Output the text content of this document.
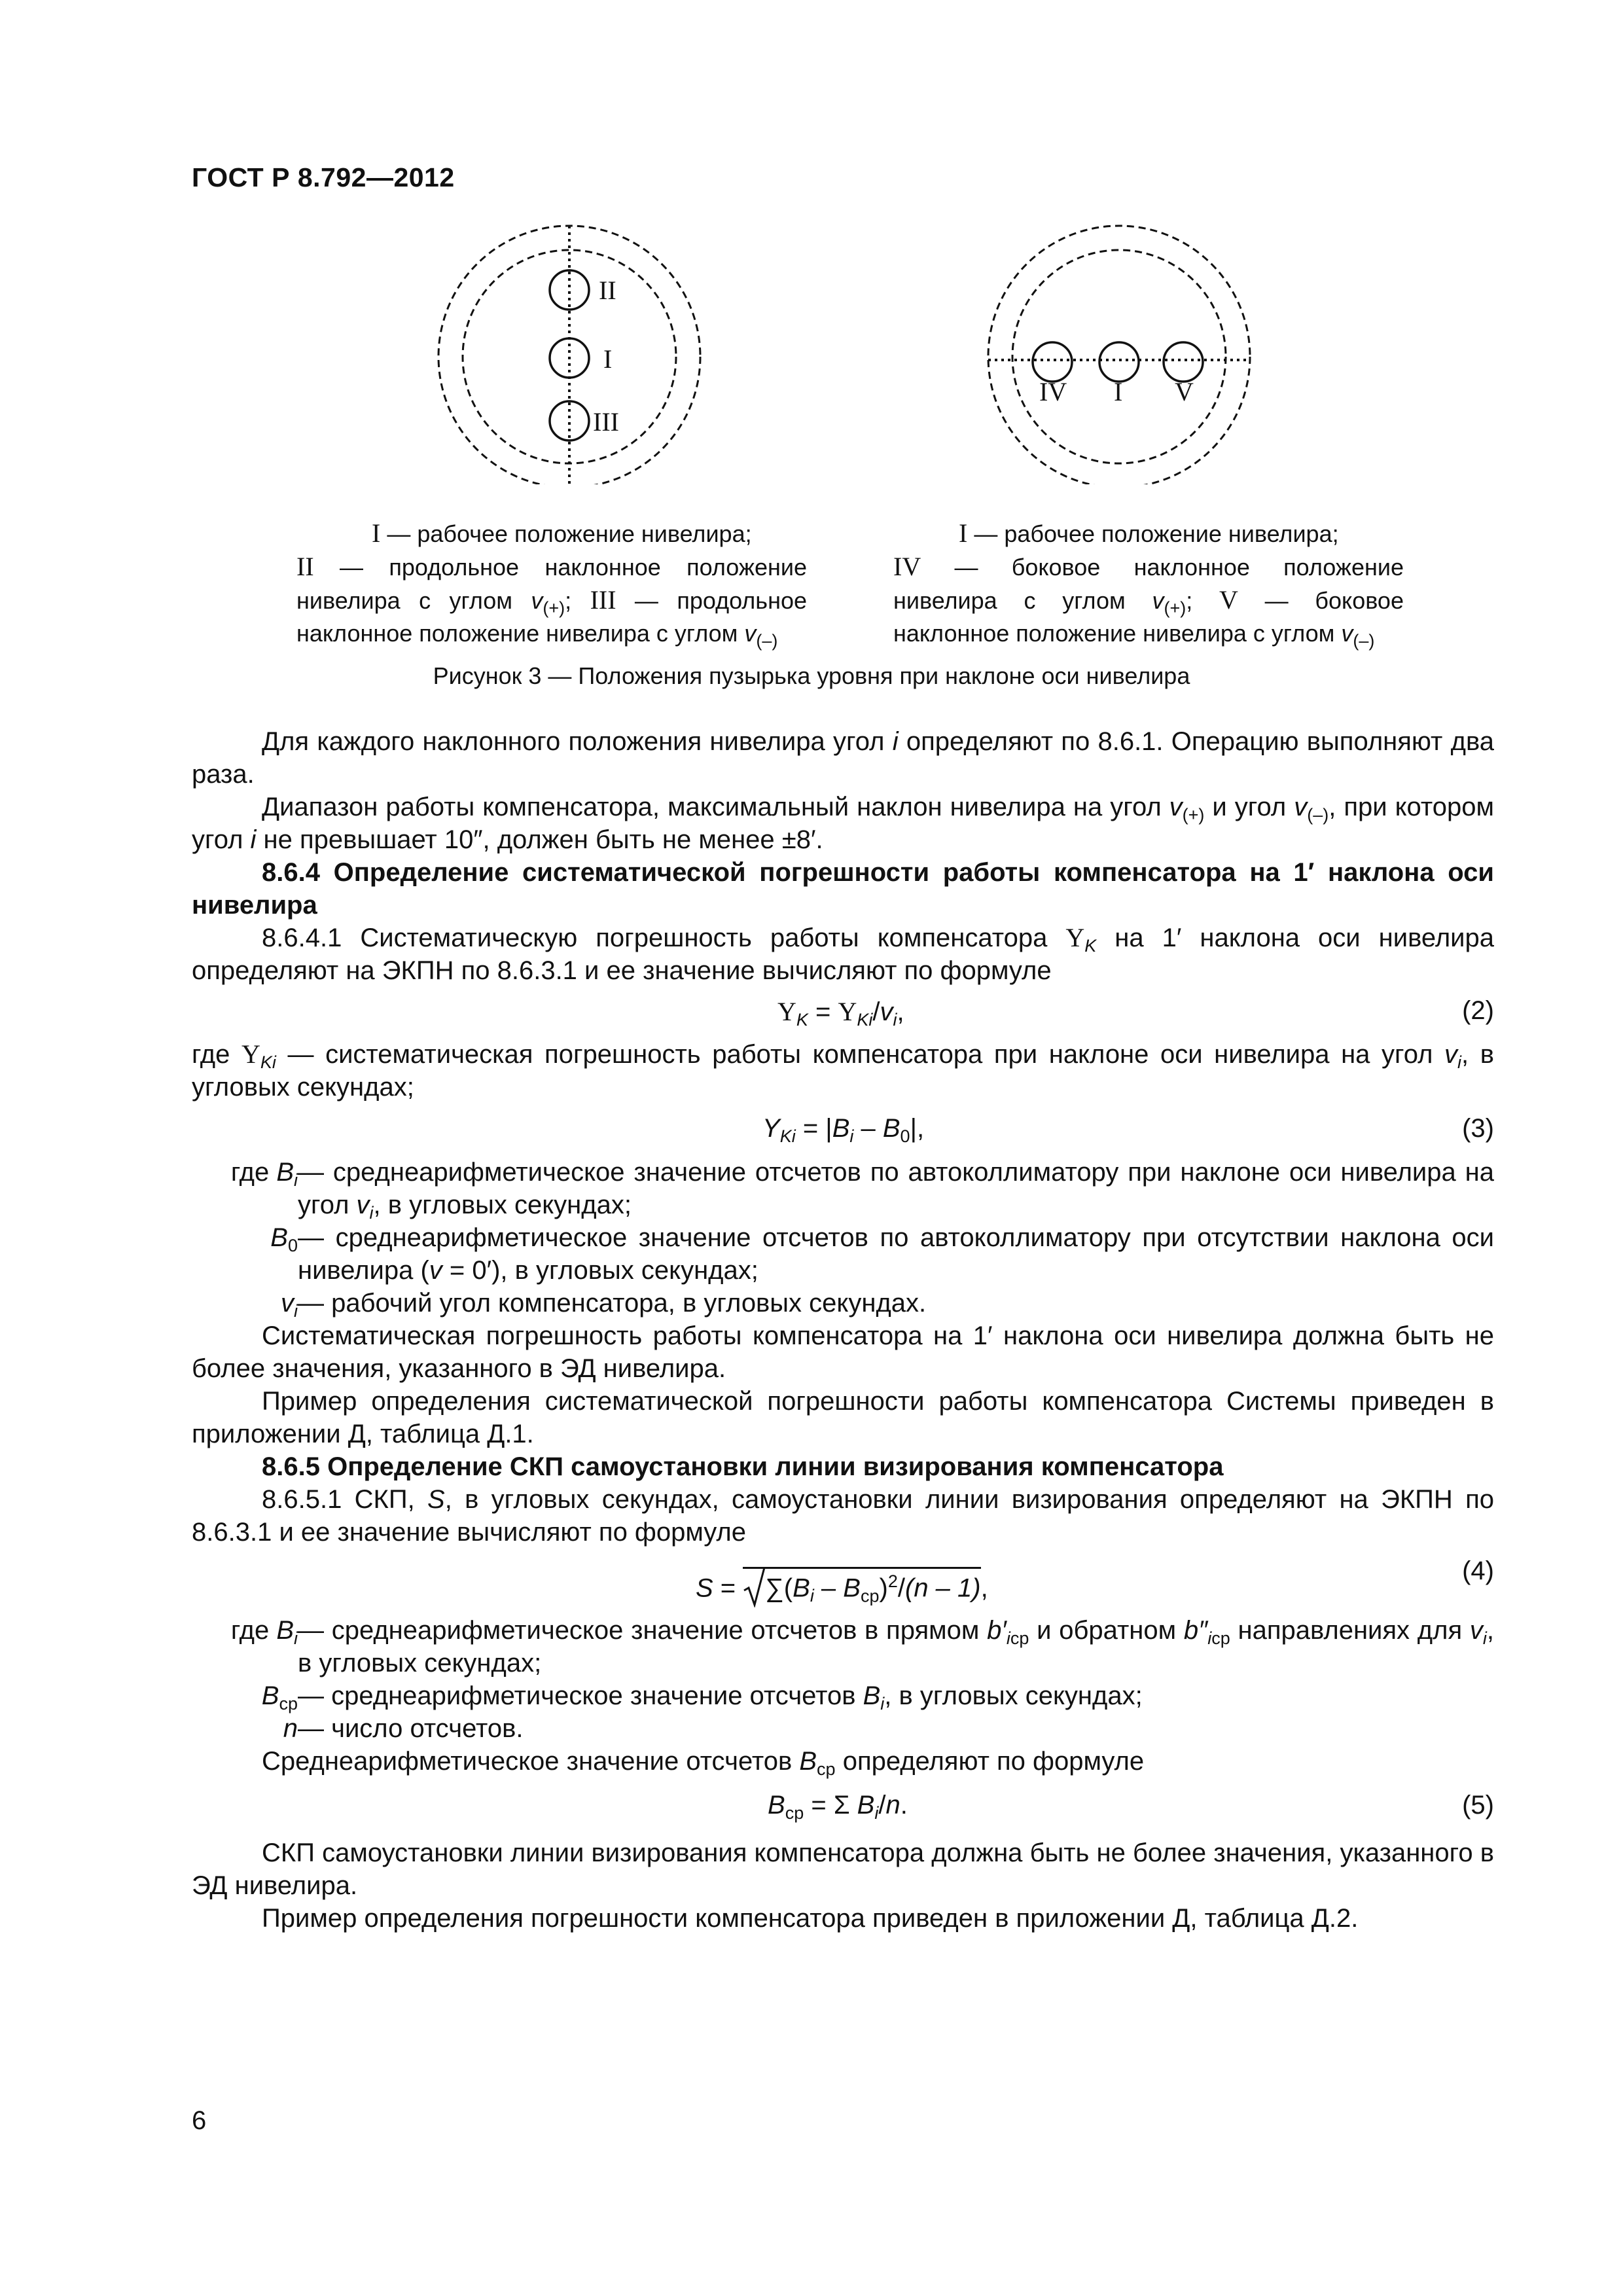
ГОСТ Р 8.792—2012
II
I
III
IV I V
I — рабочее положение нивелира;
II — продольное наклонное положение нивелира с углом $v_{(+)}$; III — продольное наклонное положение нивелира с углом $v_{(-)}$
I — рабочее положение нивелира;
IV — боковое наклонное положение нивелира с углом $v_{(+)}$; V — боковое наклонное положение нивелира с углом $v_{(-)}$
Рисунок 3 — Положения пузырька уровня при наклоне оси нивелира
Для каждого наклонного положения нивелира угол i определяют по 8.6.1. Операцию выполняют два раза.
Диапазон работы компенсатора, максимальный наклон нивелира на угол $v_{(+)}$ и угол $v_{(-)}$, при котором угол i не превышает 10″, должен быть не менее ±8′.
8.6.4 Определение систематической погрешности работы компенсатора на 1′ наклона оси нивелира
8.6.4.1 Систематическую погрешность работы компенсатора $\Upsilon_K$ на 1′ наклона оси нивелира определяют на ЭКПН по 8.6.3.1 и ее значение вычисляют по формуле
$\Upsilon_K = \Upsilon_{Ki}/v_i$,	(2)
где $\Upsilon_{Ki}$ — систематическая погрешность работы компенсатора при наклоне оси нивелира на угол $v_i$, в угловых секундах;
$\Upsilon_{Ki} = |B_i - B_0|$,	(3)
где $B_i$ — среднеарифметическое значение отсчетов по автоколлиматору при наклоне оси нивелира на угол $v_i$, в угловых секундах;
$B_0$ — среднеарифметическое значение отсчетов по автоколлиматору при отсутствии наклона оси нивелира (v = 0′), в угловых секундах;
$v_i$ — рабочий угол компенсатора, в угловых секундах.
Систематическая погрешность работы компенсатора на 1′ наклона оси нивелира должна быть не более значения, указанного в ЭД нивелира.
Пример определения систематической погрешности работы компенсатора Системы приведен в приложении Д, таблица Д.1.
8.6.5 Определение СКП самоустановки линии визирования компенсатора
8.6.5.1 СКП, S, в угловых секундах, самоустановки линии визирования определяют на ЭКПН по 8.6.3.1 и ее значение вычисляют по формуле
S =
$\sum(B_i - B_{ср})^2/(n - 1)$,
(4)
где $B_i$ — среднеарифметическое значение отсчетов в прямом $b'_{iср}$ и обратном $b''_{iср}$ направлениях для $v_i$, в угловых секундах;
$B_{ср}$ — среднеарифметическое значение отсчетов $B_i$, в угловых секундах;
n — число отсчетов.
Среднеарифметическое значение отсчетов $B_{ср}$ определяют по формуле
$B_{ср} = \Sigma$ $B_i/n$.	(5)
СКП самоустановки линии визирования компенсатора должна быть не более значения, указанного в ЭД нивелира.
Пример определения погрешности компенсатора приведен в приложении Д, таблица Д.2.
6
